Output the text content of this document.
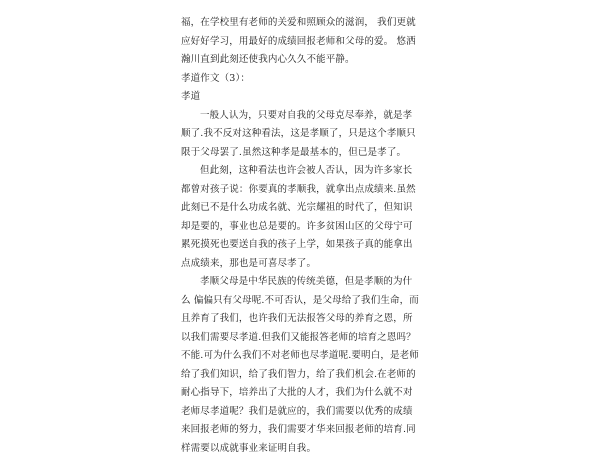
福，在学校里有老师的关爱和照顾众的滋润， 我们更就应好好学习，用最好的成绩回报老师和父母的爱。 悠洒瀚川直到此刻还使我内心久久不能平静。

孝道作文（3）：

孝道

一般人认为，只要对自我的父母克尽奉养，就是孝顺了.我不反对这种看法，这是孝顺了，只是这个孝顺只限于父母罢了.虽然这种孝是最基本的，但已是孝了。

但此刻，这种看法也许会被人否认，因为许多家长都曾对孩子说：你要真的孝顺我，就拿出点成绩来.虽然此刻已不是什么功成名就、光宗耀祖的时代了，但知识却是要的，事业也总是要的。许多贫困山区的父母宁可累死摸死也要送自我的孩子上学，如果孩子真的能拿出点成绩来，那也是可喜尽孝了。

孝顺父母是中华民族的传统美德，但是孝顺的为什么 偏偏只有父母呢.不可否认，是父母给了我们生命，而且养育了我们，也许我们无法报答父母的养育之恩，所以我们需要尽孝道.但我们又能报答老师的培育之恩吗？不能.可为什么我们不对老师也尽孝道呢.要明白，是老师给了我们知识，给了我们智力，给了我们机会.在老师的耐心指导下，培养出了大批的人才，我们为什么就不对老师尽孝道呢？我们是就应的，我们需要以优秀的成绩来回报老师的努力，我们需要才华来回报老师的培育.同样需要以成就事业来证明自我。
